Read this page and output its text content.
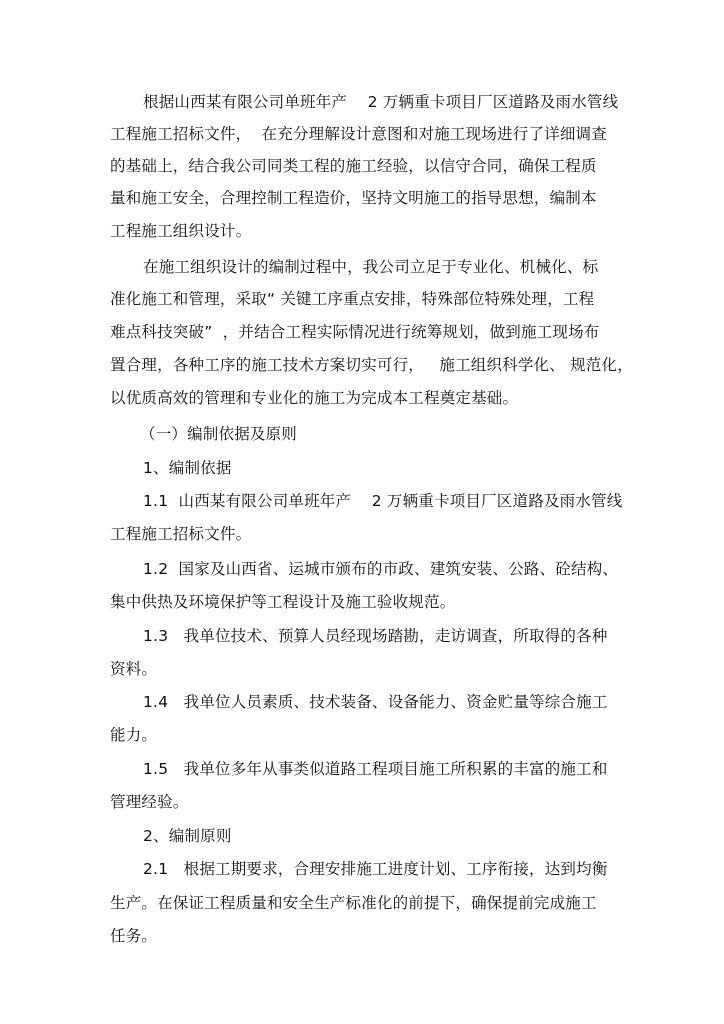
根据山西某有限公司单班年产    2 万辆重卡项目厂区道路及雨水管线
工程施工招标文件，  在充分理解设计意图和对施工现场进行了详细调查
的基础上，结合我公司同类工程的施工经验，以信守合同，确保工程质
量和施工安全，合理控制工程造价，坚持文明施工的指导思想，编制本
工程施工组织设计。
在施工组织设计的编制过程中，我公司立足于专业化、机械化、标
准化施工和管理，采取“ 关键工序重点安排，特殊部位特殊处理，工程
难点科技突破”  ，并结合工程实际情况进行统筹规划，做到施工现场布
置合理，各种工序的施工技术方案切实可行，   施工组织科学化、 规范化，
以优质高效的管理和专业化的施工为完成本工程奠定基础。
（一）编制依据及原则
1、编制依据
1.1  山西某有限公司单班年产    2 万辆重卡项目厂区道路及雨水管线
工程施工招标文件。
1.2  国家及山西省、运城市颁布的市政、建筑安装、公路、砼结构、
集中供热及环境保护等工程设计及施工验收规范。
1.3   我单位技术、预算人员经现场踏勘，走访调查，所取得的各种
资料。
1.4   我单位人员素质、技术装备、设备能力、资金贮量等综合施工
能力。
1.5   我单位多年从事类似道路工程项目施工所积累的丰富的施工和
管理经验。
2、编制原则
2.1   根据工期要求，合理安排施工进度计划、工序衔接，达到均衡
生产。在保证工程质量和安全生产标准化的前提下，确保提前完成施工
任务。
